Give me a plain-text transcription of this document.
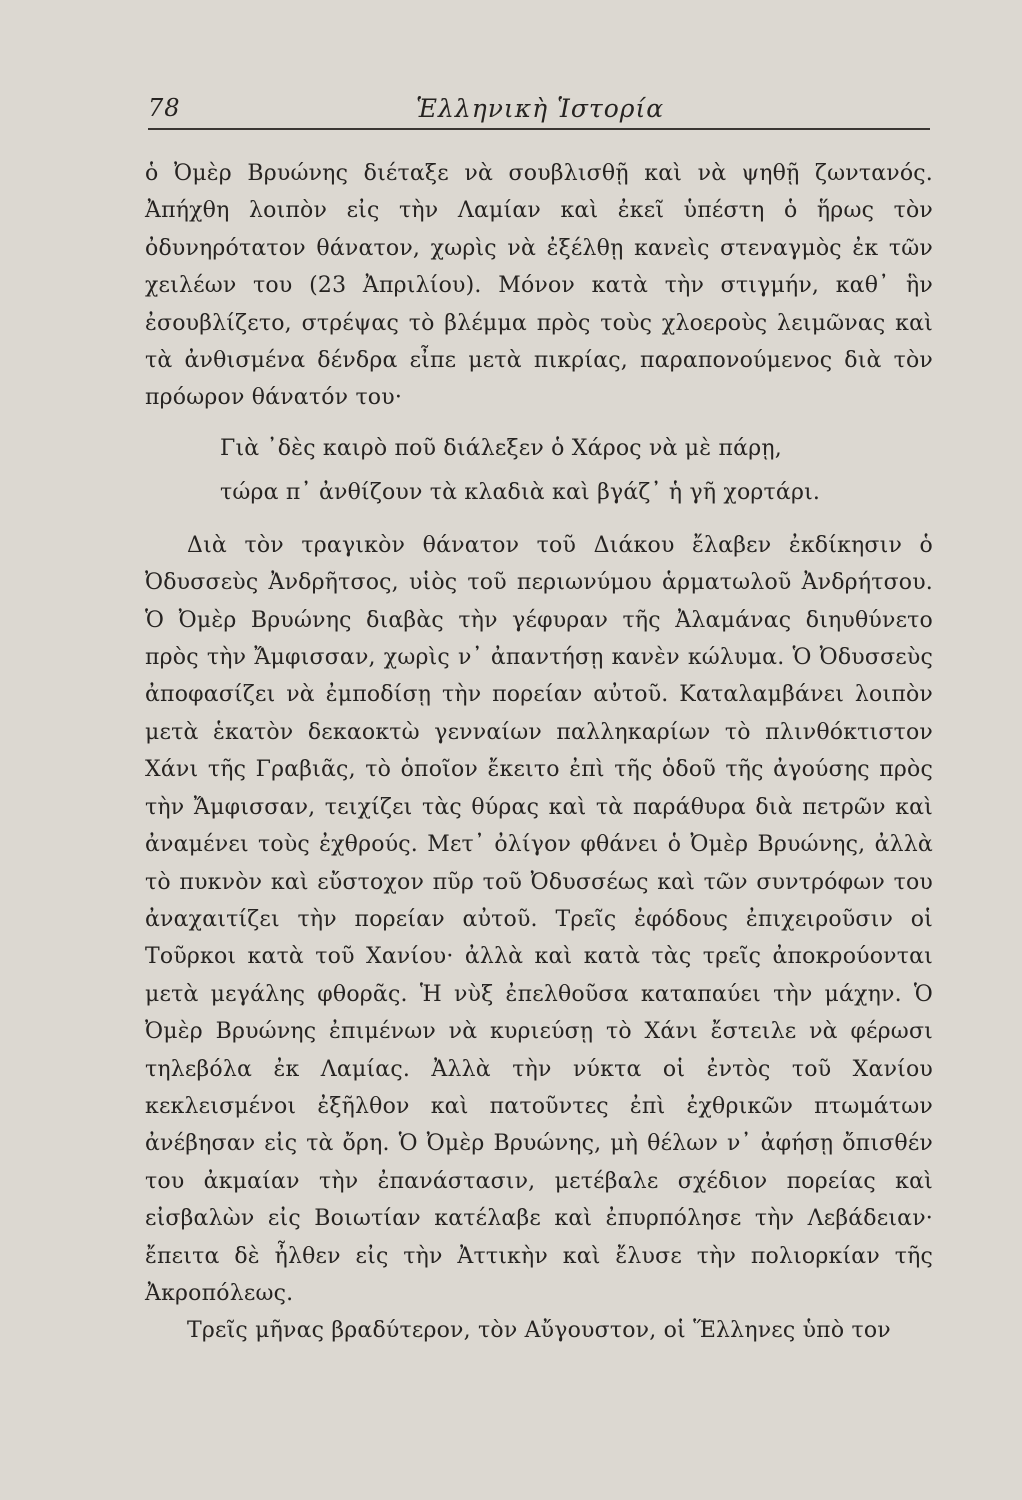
78	Ἑλληνικὴ Ἱστορία

ὁ Ὀμὲρ Βρυώνης διέταξε νὰ σουβλισθῇ καὶ νὰ ψηθῇ ζωντανός. Ἀπήχθη λοιπὸν εἰς τὴν Λαμίαν καὶ ἐκεῖ ὑπέστη ὁ ἥρως τὸν ὀδυνηρότατον θάνατον, χωρὶς νὰ ἐξέλθῃ κανεὶς στεναγμὸς ἐκ τῶν χειλέων του (23 Ἀπριλίου). Μόνον κατὰ τὴν στιγμήν, καθ᾽ ἣν ἐσουβλίζετο, στρέψας τὸ βλέμμα πρὸς τοὺς χλοεροὺς λειμῶνας καὶ τὰ ἀνθισμένα δένδρα εἶπε μετὰ πικρίας, παραπονούμενος διὰ τὸν πρόωρον θάνατόν του·

Γιὰ ᾽δὲς καιρὸ ποῦ διάλεξεν ὁ Χάρος νὰ μὲ πάρῃ,
τώρα π᾽ ἀνθίζουν τὰ κλαδιὰ καὶ βγάζ᾽ ἡ γῆ χορτάρι.

Διὰ τὸν τραγικὸν θάνατον τοῦ Διάκου ἔλαβεν ἐκδίκησιν ὁ Ὀδυσσεὺς Ἀνδρῆτσος, υἱὸς τοῦ περιωνύμου ἁρματωλοῦ Ἀνδρήτσου. Ὁ Ὀμὲρ Βρυώνης διαβὰς τὴν γέφυραν τῆς Ἀλαμάνας διηυθύνετο πρὸς τὴν Ἄμφισσαν, χωρὶς ν᾽ ἀπαντήσῃ κανὲν κώλυμα. Ὁ Ὀδυσσεὺς ἀποφασίζει νὰ ἐμποδίσῃ τὴν πορείαν αὐτοῦ. Καταλαμβάνει λοιπὸν μετὰ ἑκατὸν δεκαοκτὼ γενναίων παλληκαρίων τὸ πλινθόκτιστον Χάνι τῆς Γραβιᾶς, τὸ ὁποῖον ἔκειτο ἐπὶ τῆς ὁδοῦ τῆς ἀγούσης πρὸς τὴν Ἄμφισσαν, τειχίζει τὰς θύρας καὶ τὰ παράθυρα διὰ πετρῶν καὶ ἀναμένει τοὺς ἐχθρούς. Μετ᾽ ὀλίγον φθάνει ὁ Ὀμὲρ Βρυώνης, ἀλλὰ τὸ πυκνὸν καὶ εὔστοχον πῦρ τοῦ Ὀδυσσέως καὶ τῶν συντρόφων του ἀναχαιτίζει τὴν πορείαν αὐτοῦ. Τρεῖς ἐφόδους ἐπιχειροῦσιν οἱ Τοῦρκοι κατὰ τοῦ Χανίου· ἀλλὰ καὶ κατὰ τὰς τρεῖς ἀποκρούονται μετὰ μεγάλης φθορᾶς. Ἡ νὺξ ἐπελθοῦσα καταπαύει τὴν μάχην. Ὁ Ὀμὲρ Βρυώνης ἐπιμένων νὰ κυριεύσῃ τὸ Χάνι ἔστειλε νὰ φέρωσι τηλεβόλα ἐκ Λαμίας. Ἀλλὰ τὴν νύκτα οἱ ἐντὸς τοῦ Χανίου κεκλεισμένοι ἐξῆλθον καὶ πατοῦντες ἐπὶ ἐχθρικῶν πτωμάτων ἀνέβησαν εἰς τὰ ὄρη. Ὁ Ὀμὲρ Βρυώνης, μὴ θέλων ν᾽ ἀφήσῃ ὄπισθέν του ἀκμαίαν τὴν ἐπανάστασιν, μετέβαλε σχέδιον πορείας καὶ εἰσβαλὼν εἰς Βοιωτίαν κατέλαβε καὶ ἐπυρπόλησε τὴν Λεβάδειαν· ἔπειτα δὲ ἦλθεν εἰς τὴν Ἀττικὴν καὶ ἔλυσε τὴν πολιορκίαν τῆς Ἀκροπόλεως.

Τρεῖς μῆνας βραδύτερον, τὸν Αὔγουστον, οἱ Ἕλληνες ὑπὸ τον
